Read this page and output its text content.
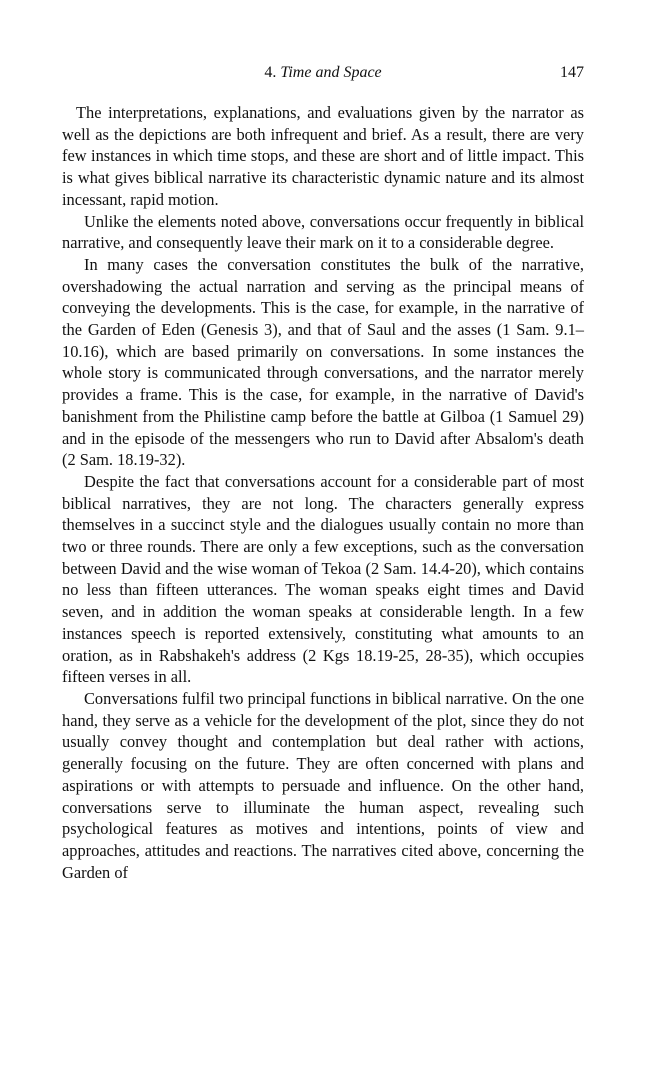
4. Time and Space	147

The interpretations, explanations, and evaluations given by the narrator as well as the depictions are both infrequent and brief. As a result, there are very few instances in which time stops, and these are short and of little impact. This is what gives biblical narrative its characteristic dynamic nature and its almost incessant, rapid motion.

Unlike the elements noted above, conversations occur frequently in biblical narrative, and consequently leave their mark on it to a considerable degree.

In many cases the conversation constitutes the bulk of the narrative, overshadowing the actual narration and serving as the principal means of conveying the developments. This is the case, for example, in the narrative of the Garden of Eden (Genesis 3), and that of Saul and the asses (1 Sam. 9.1–10.16), which are based primarily on conversations. In some instances the whole story is communicated through conversations, and the narrator merely provides a frame. This is the case, for example, in the narrative of David's banishment from the Philistine camp before the battle at Gilboa (1 Samuel 29) and in the episode of the messengers who run to David after Absalom's death (2 Sam. 18.19-32).

Despite the fact that conversations account for a considerable part of most biblical narratives, they are not long. The characters generally express themselves in a succinct style and the dialogues usually contain no more than two or three rounds. There are only a few exceptions, such as the conversation between David and the wise woman of Tekoa (2 Sam. 14.4-20), which contains no less than fifteen utterances. The woman speaks eight times and David seven, and in addition the woman speaks at considerable length. In a few instances speech is reported extensively, constituting what amounts to an oration, as in Rabshakeh's address (2 Kgs 18.19-25, 28-35), which occupies fifteen verses in all.

Conversations fulfil two principal functions in biblical narrative. On the one hand, they serve as a vehicle for the development of the plot, since they do not usually convey thought and contemplation but deal rather with actions, generally focusing on the future. They are often concerned with plans and aspirations or with attempts to persuade and influence. On the other hand, conversations serve to illuminate the human aspect, revealing such psychological features as motives and intentions, points of view and approaches, attitudes and reactions. The narratives cited above, concerning the Garden of
